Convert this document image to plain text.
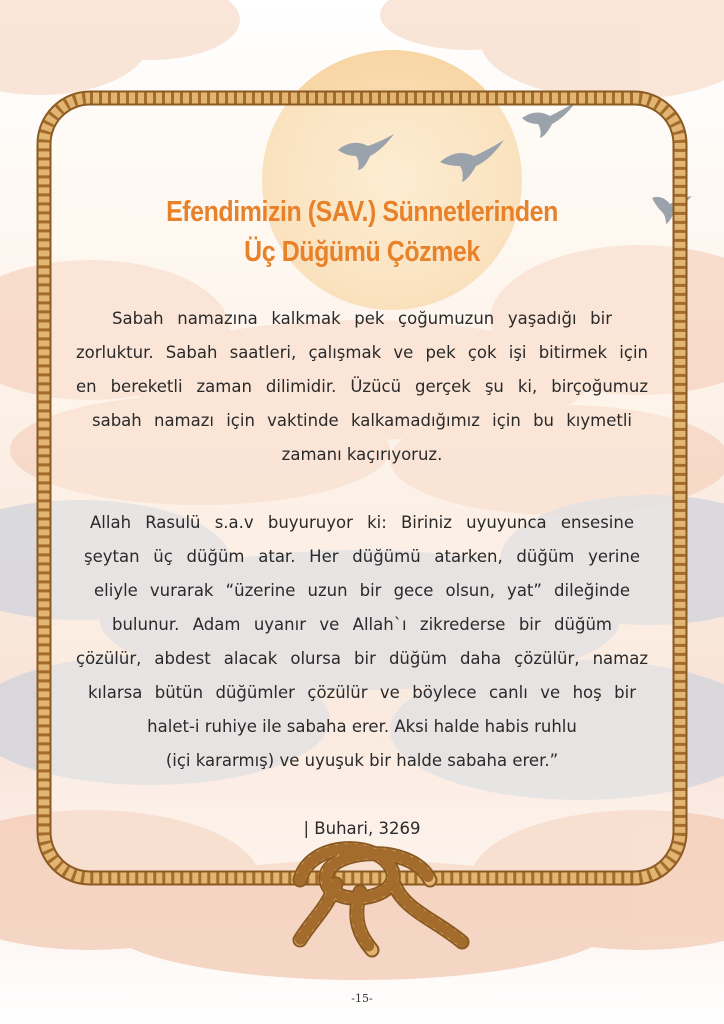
Efendimizin (SAV.) Sünnetlerinden
Üç Düğümü Çözmek
Sabah namazına kalkmak pek çoğumuzun yaşadığı bir
zorluktur. Sabah saatleri, çalışmak ve pek çok işi bitirmek için
en bereketli zaman dilimidir. Üzücü gerçek şu ki, birçoğumuz
sabah namazı için vaktinde kalkamadığımız için bu kıymetli
zamanı kaçırıyoruz.
Allah Rasulü s.a.v buyuruyor ki: Biriniz uyuyunca ensesine
şeytan üç düğüm atar. Her düğümü atarken, düğüm yerine
eliyle vurarak “üzerine uzun bir gece olsun, yat” dileğinde
bulunur. Adam uyanır ve Allah`ı zikrederse bir düğüm
çözülür, abdest alacak olursa bir düğüm daha çözülür, namaz
kılarsa bütün düğümler çözülür ve böylece canlı ve hoş bir
halet-i ruhiye ile sabaha erer. Aksi halde habis ruhlu
(içi kararmış) ve uyuşuk bir halde sabaha erer.”
| Buhari, 3269
-15-
